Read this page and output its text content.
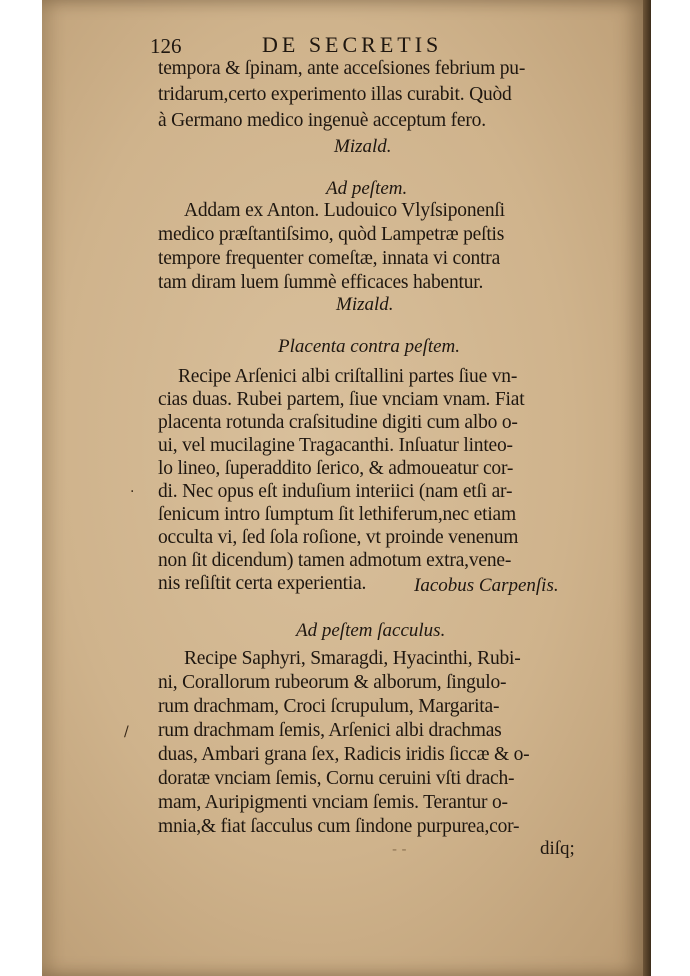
126	DE SECRETIS
tempora & ſpinam, ante acceſsiones febrium pu-
tridarum,certo experimento illas curabit. Quòd
à Germano medico ingenuè acceptum fero.
Mizald.
Ad peſtem.
Addam ex Anton. Ludouico Vlyſsiponenſi
medico præſtantiſsimo, quòd Lampetræ peſtis
tempore frequenter comeſtæ, innata vi contra
tam diram luem ſummè efficaces habentur.
Mizald.
Placenta contra peſtem.
Recipe Arſenici albi criſtallini partes ſiue vn-
cias duas. Rubei partem, ſiue vnciam vnam. Fiat
placenta rotunda craſsitudine digiti cum albo o-
ui, vel mucilagine Tragacanthi. Inſuatur linteo-
lo lineo, ſuperaddito ſerico, & admoueatur cor-
di. Nec opus eſt induſium interiici (nam etſi ar-
ſenicum intro ſumptum ſit lethiferum,nec etiam
occulta vi, ſed ſola roſione, vt proinde venenum
non ſit dicendum) tamen admotum extra,vene-
nis reſiſtit certa experientia.	Iacobus Carpenſis.
Ad peſtem ſacculus.
Recipe Saphyri, Smaragdi, Hyacinthi, Rubi-
ni, Corallorum rubeorum & alborum, ſingulo-
rum drachmam, Croci ſcrupulum, Margarita-
rum drachmam ſemis, Arſenici albi drachmas
duas, Ambari grana ſex, Radicis iridis ſiccæ & o-
doratæ vnciam ſemis, Cornu ceruini vſti drach-
mam, Auripigmenti vnciam ſemis. Terantur o-
mnia,& fiat ſacculus cum ſindone purpurea,cor-
diſq;
·
/
- -
